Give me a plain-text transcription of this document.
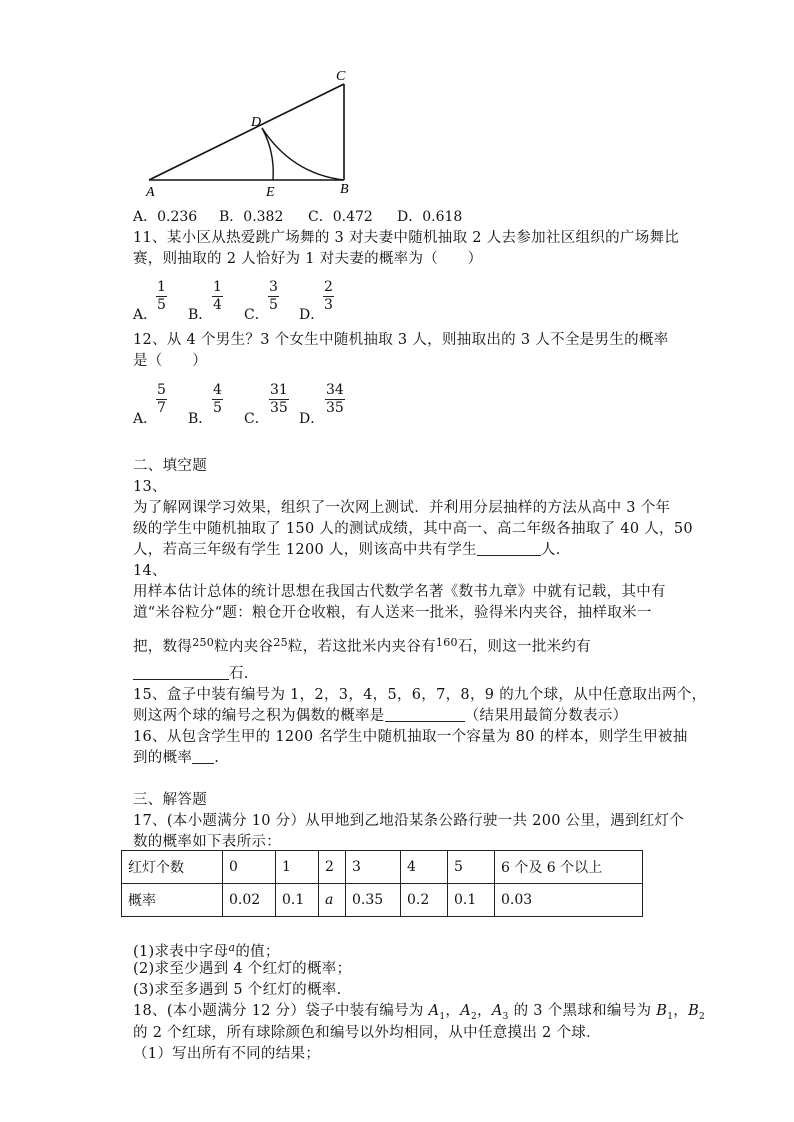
C
D
A	E	B
A．0.236 B．0.382 C．0.472 D．0.618
11、某小区从热爱跳广场舞的 3 对夫妻中随机抽取 2 人去参加社区组织的广场舞比
赛，则抽取的 2 人恰好为 1 对夫妻的概率为（　　）
A．
$\frac{1}{5}$
B．
$\frac{1}{4}$
C．
$\frac{3}{5}$
D．
$\frac{2}{3}$
12、从 4 个男生？3 个女生中随机抽取 3 人，则抽取出的 3 人不全是男生的概率
是（　　）
A．
$\frac{5}{7}$
B．
$\frac{4}{5}$
C．
$\frac{31}{35}$
D．
$\frac{34}{35}$
二、填空题
13、
为了解网课学习效果，组织了一次网上测试．并利用分层抽样的方法从高中 3 个年
级的学生中随机抽取了 150 人的测试成绩，其中高一、高二年级各抽取了 40 人，50
人，若高三年级有学生 1200 人，则该高中共有学生	人．
14、
用样本估计总体的统计思想在我国古代数学名著《数书九章》中就有记载，其中有
道“米谷粒分“题：粮仓开仓收粮，有人送来一批米，验得米内夹谷，抽样取米一
把，数得$^{250}$粒内夹谷$^{25}$粒，若这批米内夹谷有$^{160}$石，则这一批米约有
石.
15、盒子中装有编号为 1，2，3，4，5，6，7，8，9 的九个球，从中任意取出两个，
则这两个球的编号之积为偶数的概率是	（结果用最简分数表示）
16、从包含学生甲的 1200 名学生中随机抽取一个容量为 80 的样本，则学生甲被抽
到的概率 .
三、解答题
17、(本小题满分 10 分）从甲地到乙地沿某条公路行驶一共 200 公里，遇到红灯个
数的概率如下表所示：
红灯个数	0	1	2	3	4	5	6 个及 6 个以上
概率	0.02	0.1	a	0.35	0.2	0.1	0.03
(1)求表中字母$^a$的值；
(2)求至少遇到 4 个红灯的概率；
(3)求至多遇到 5 个红灯的概率.
18、(本小题满分 12 分）袋子中装有编号为 $A_1$，$A_2$，$A_3$ 的 3 个黑球和编号为 $B_1$，$B_2$
的 2 个红球，所有球除颜色和编号以外均相同，从中任意摸出 2 个球．
（1）写出所有不同的结果；
